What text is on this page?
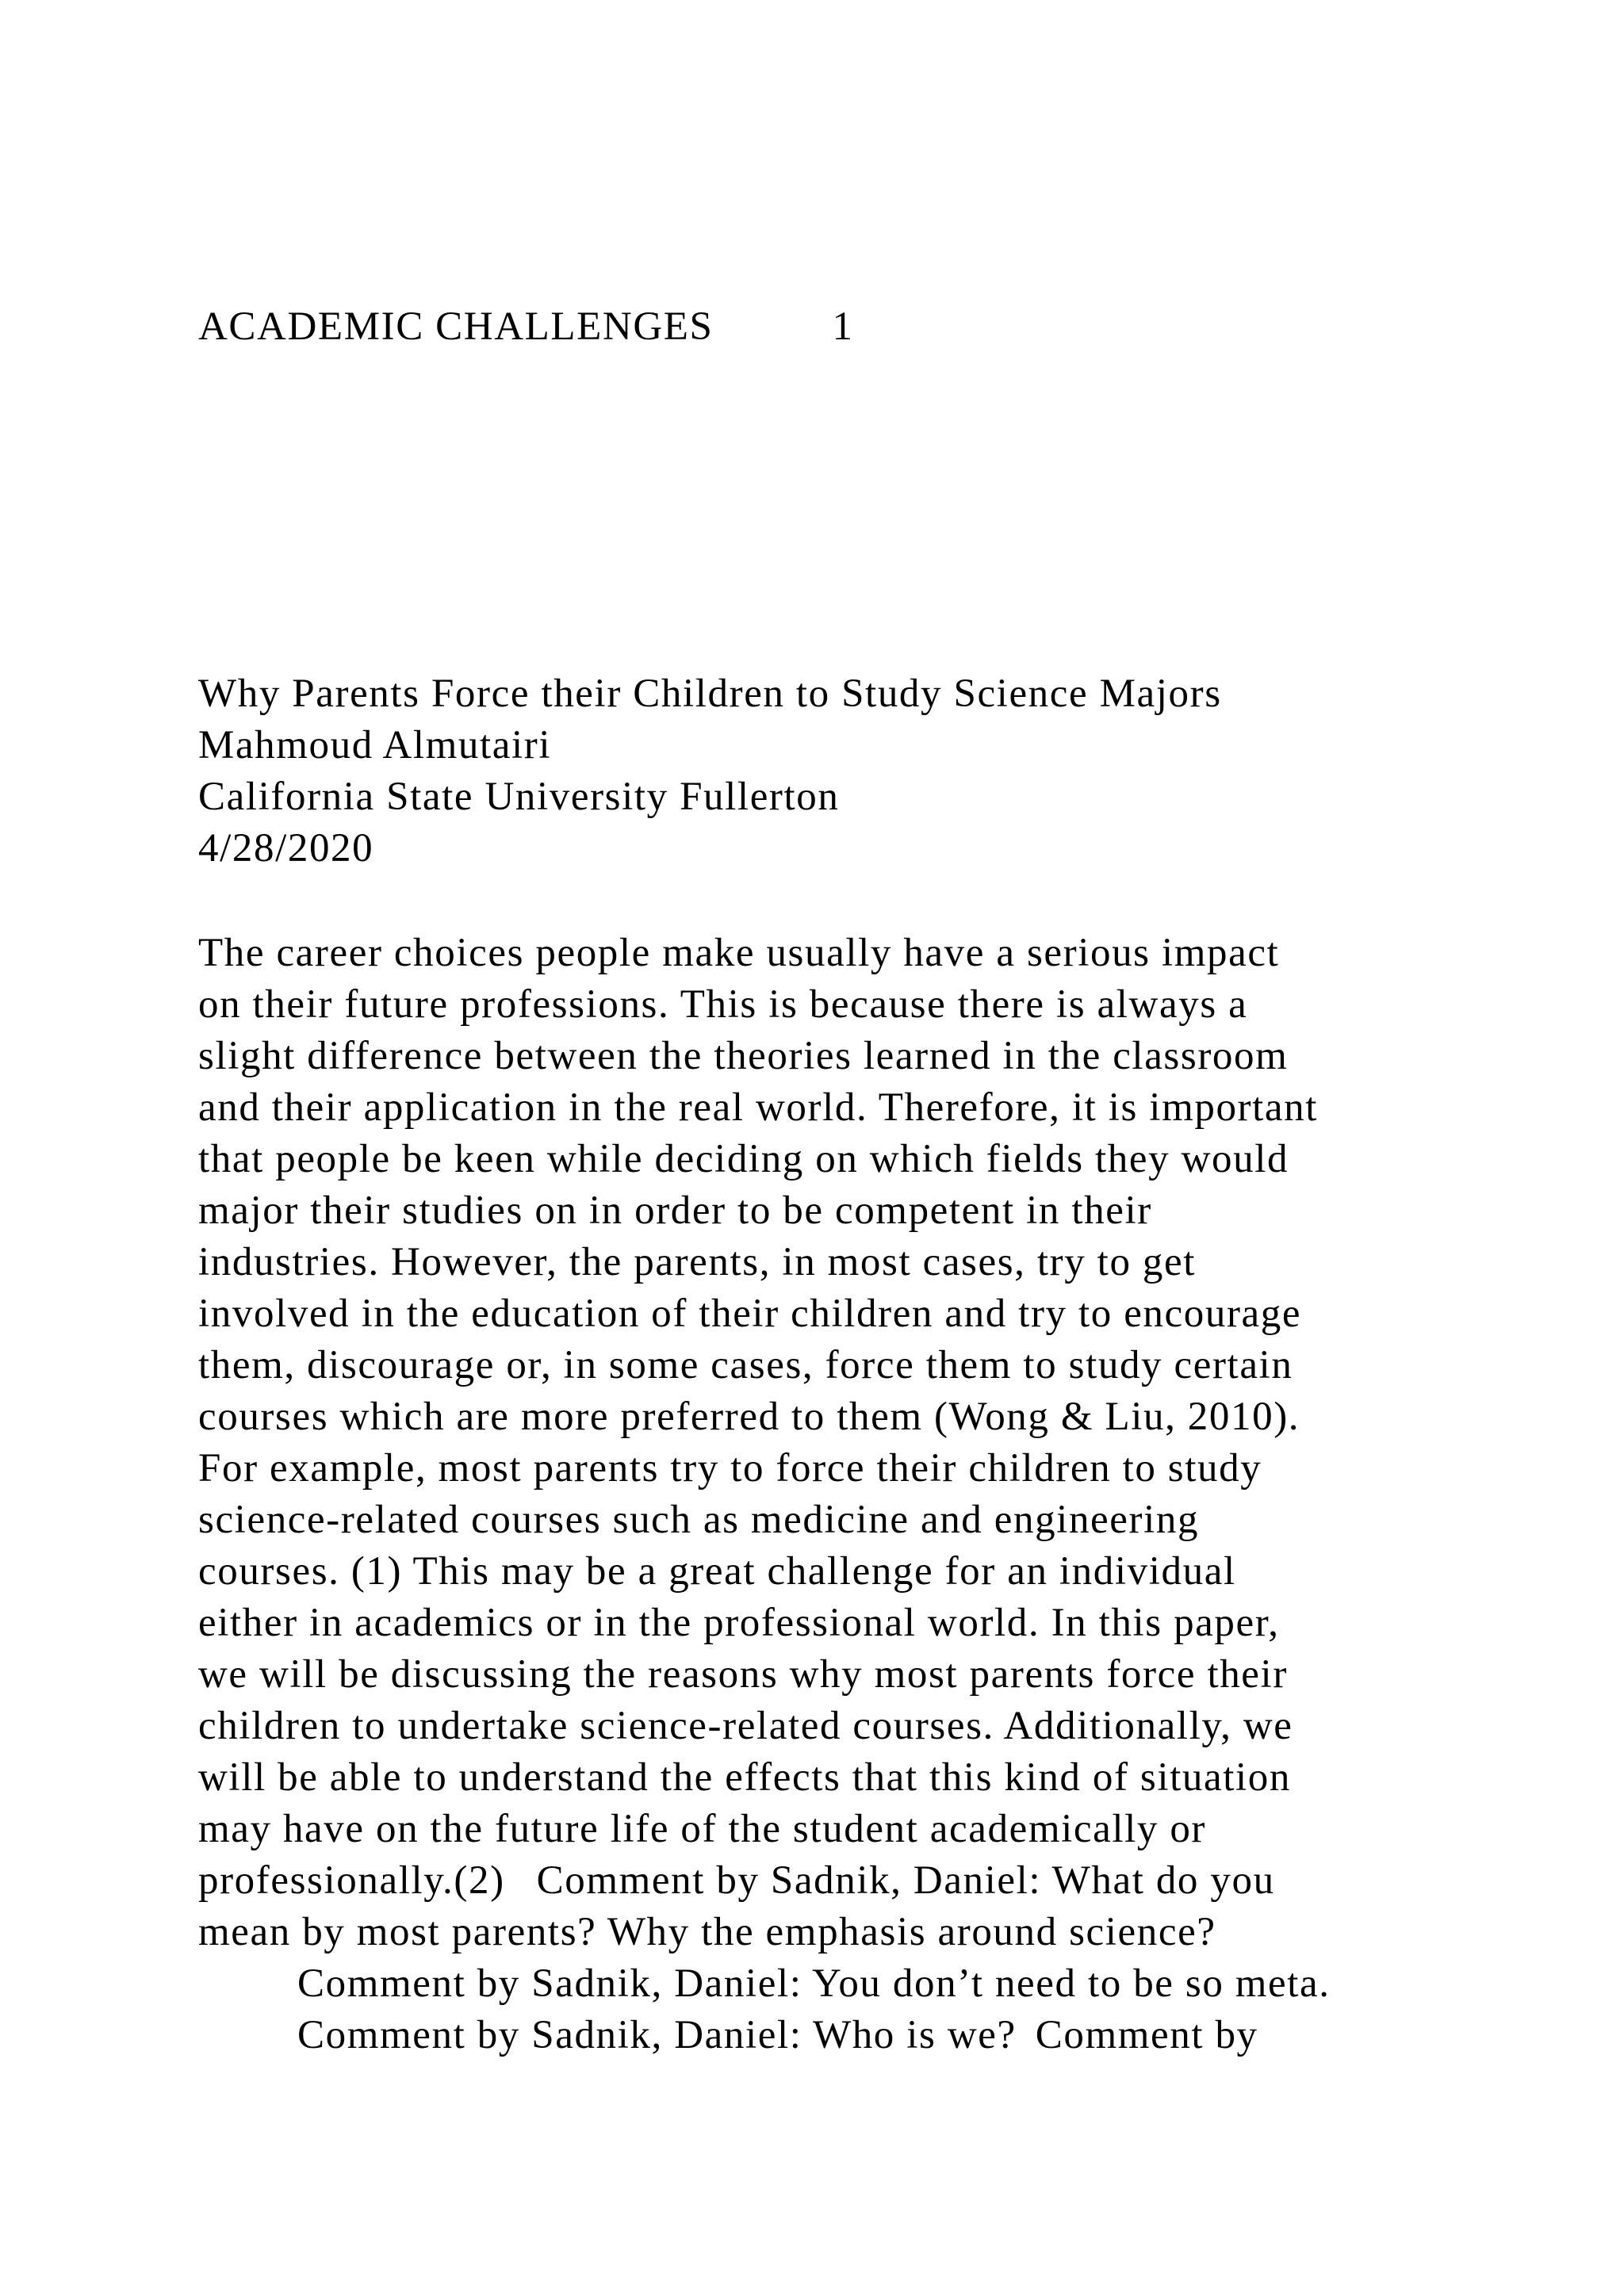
ACADEMIC CHALLENGES	1
Why Parents Force their Children to Study Science Majors
Mahmoud Almutairi
California State University Fullerton
4/28/2020
The career choices people make usually have a serious impact
on their future professions. This is because there is always a
slight difference between the theories learned in the classroom
and their application in the real world. Therefore, it is important
that people be keen while deciding on which fields they would
major their studies on in order to be competent in their
industries. However, the parents, in most cases, try to get
involved in the education of their children and try to encourage
them, discourage or, in some cases, force them to study certain
courses which are more preferred to them (Wong & Liu, 2010).
For example, most parents try to force their children to study
science-related courses such as medicine and engineering
courses. (1) This may be a great challenge for an individual
either in academics or in the professional world. In this paper,
we will be discussing the reasons why most parents force their
children to undertake science-related courses. Additionally, we
will be able to understand the effects that this kind of situation
may have on the future life of the student academically or
professionally.(2) Comment by Sadnik, Daniel: What do you
mean by most parents? Why the emphasis around science?
Comment by Sadnik, Daniel: You don’t need to be so meta.
Comment by Sadnik, Daniel: Who is we? Comment by
